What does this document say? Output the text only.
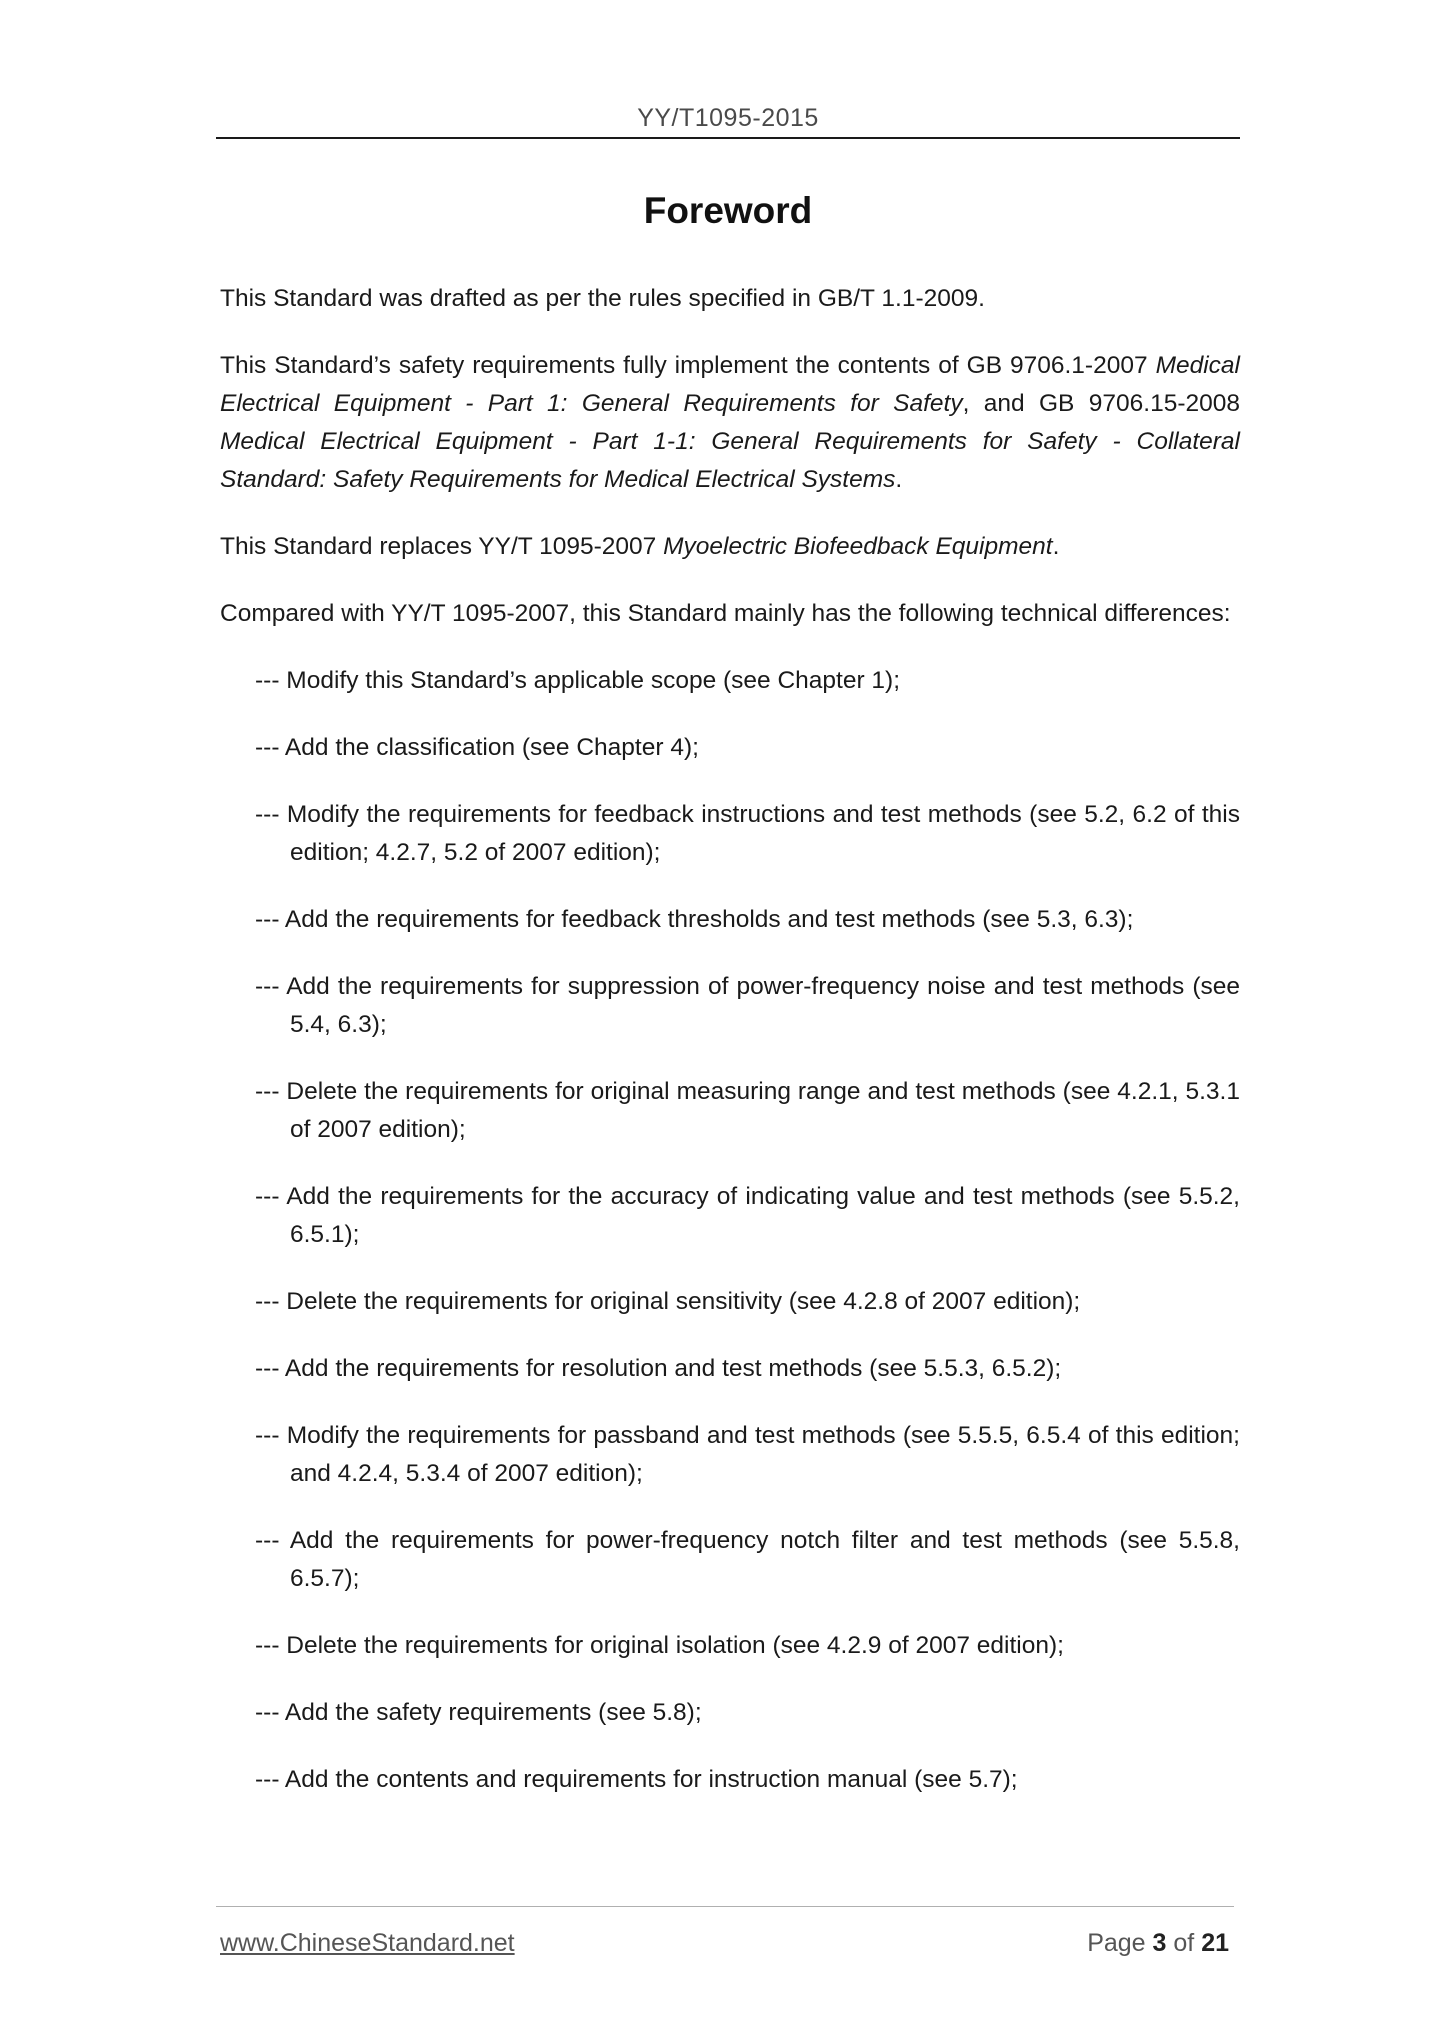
YY/T1095-2015
Foreword

This Standard was drafted as per the rules specified in GB/T 1.1-2009.

This Standard’s safety requirements fully implement the contents of GB 9706.1-2007 Medical Electrical Equipment - Part 1: General Requirements for Safety, and GB 9706.15-2008 Medical Electrical Equipment - Part 1-1: General Requirements for Safety - Collateral Standard: Safety Requirements for Medical Electrical Systems.

This Standard replaces YY/T 1095-2007 Myoelectric Biofeedback Equipment.

Compared with YY/T 1095-2007, this Standard mainly has the following technical differences:

--- Modify this Standard’s applicable scope (see Chapter 1);

--- Add the classification (see Chapter 4);

--- Modify the requirements for feedback instructions and test methods (see 5.2, 6.2 of this edition; 4.2.7, 5.2 of 2007 edition);

--- Add the requirements for feedback thresholds and test methods (see 5.3, 6.3);

--- Add the requirements for suppression of power-frequency noise and test methods (see 5.4, 6.3);

--- Delete the requirements for original measuring range and test methods (see 4.2.1, 5.3.1 of 2007 edition);

--- Add the requirements for the accuracy of indicating value and test methods (see 5.5.2, 6.5.1);

--- Delete the requirements for original sensitivity (see 4.2.8 of 2007 edition);

--- Add the requirements for resolution and test methods (see 5.5.3, 6.5.2);

--- Modify the requirements for passband and test methods (see 5.5.5, 6.5.4 of this edition; and 4.2.4, 5.3.4 of 2007 edition);

--- Add the requirements for power-frequency notch filter and test methods (see 5.5.8, 6.5.7);

--- Delete the requirements for original isolation (see 4.2.9 of 2007 edition);

--- Add the safety requirements (see 5.8);

--- Add the contents and requirements for instruction manual (see 5.7);

www.ChineseStandard.net	Page 3 of 21
